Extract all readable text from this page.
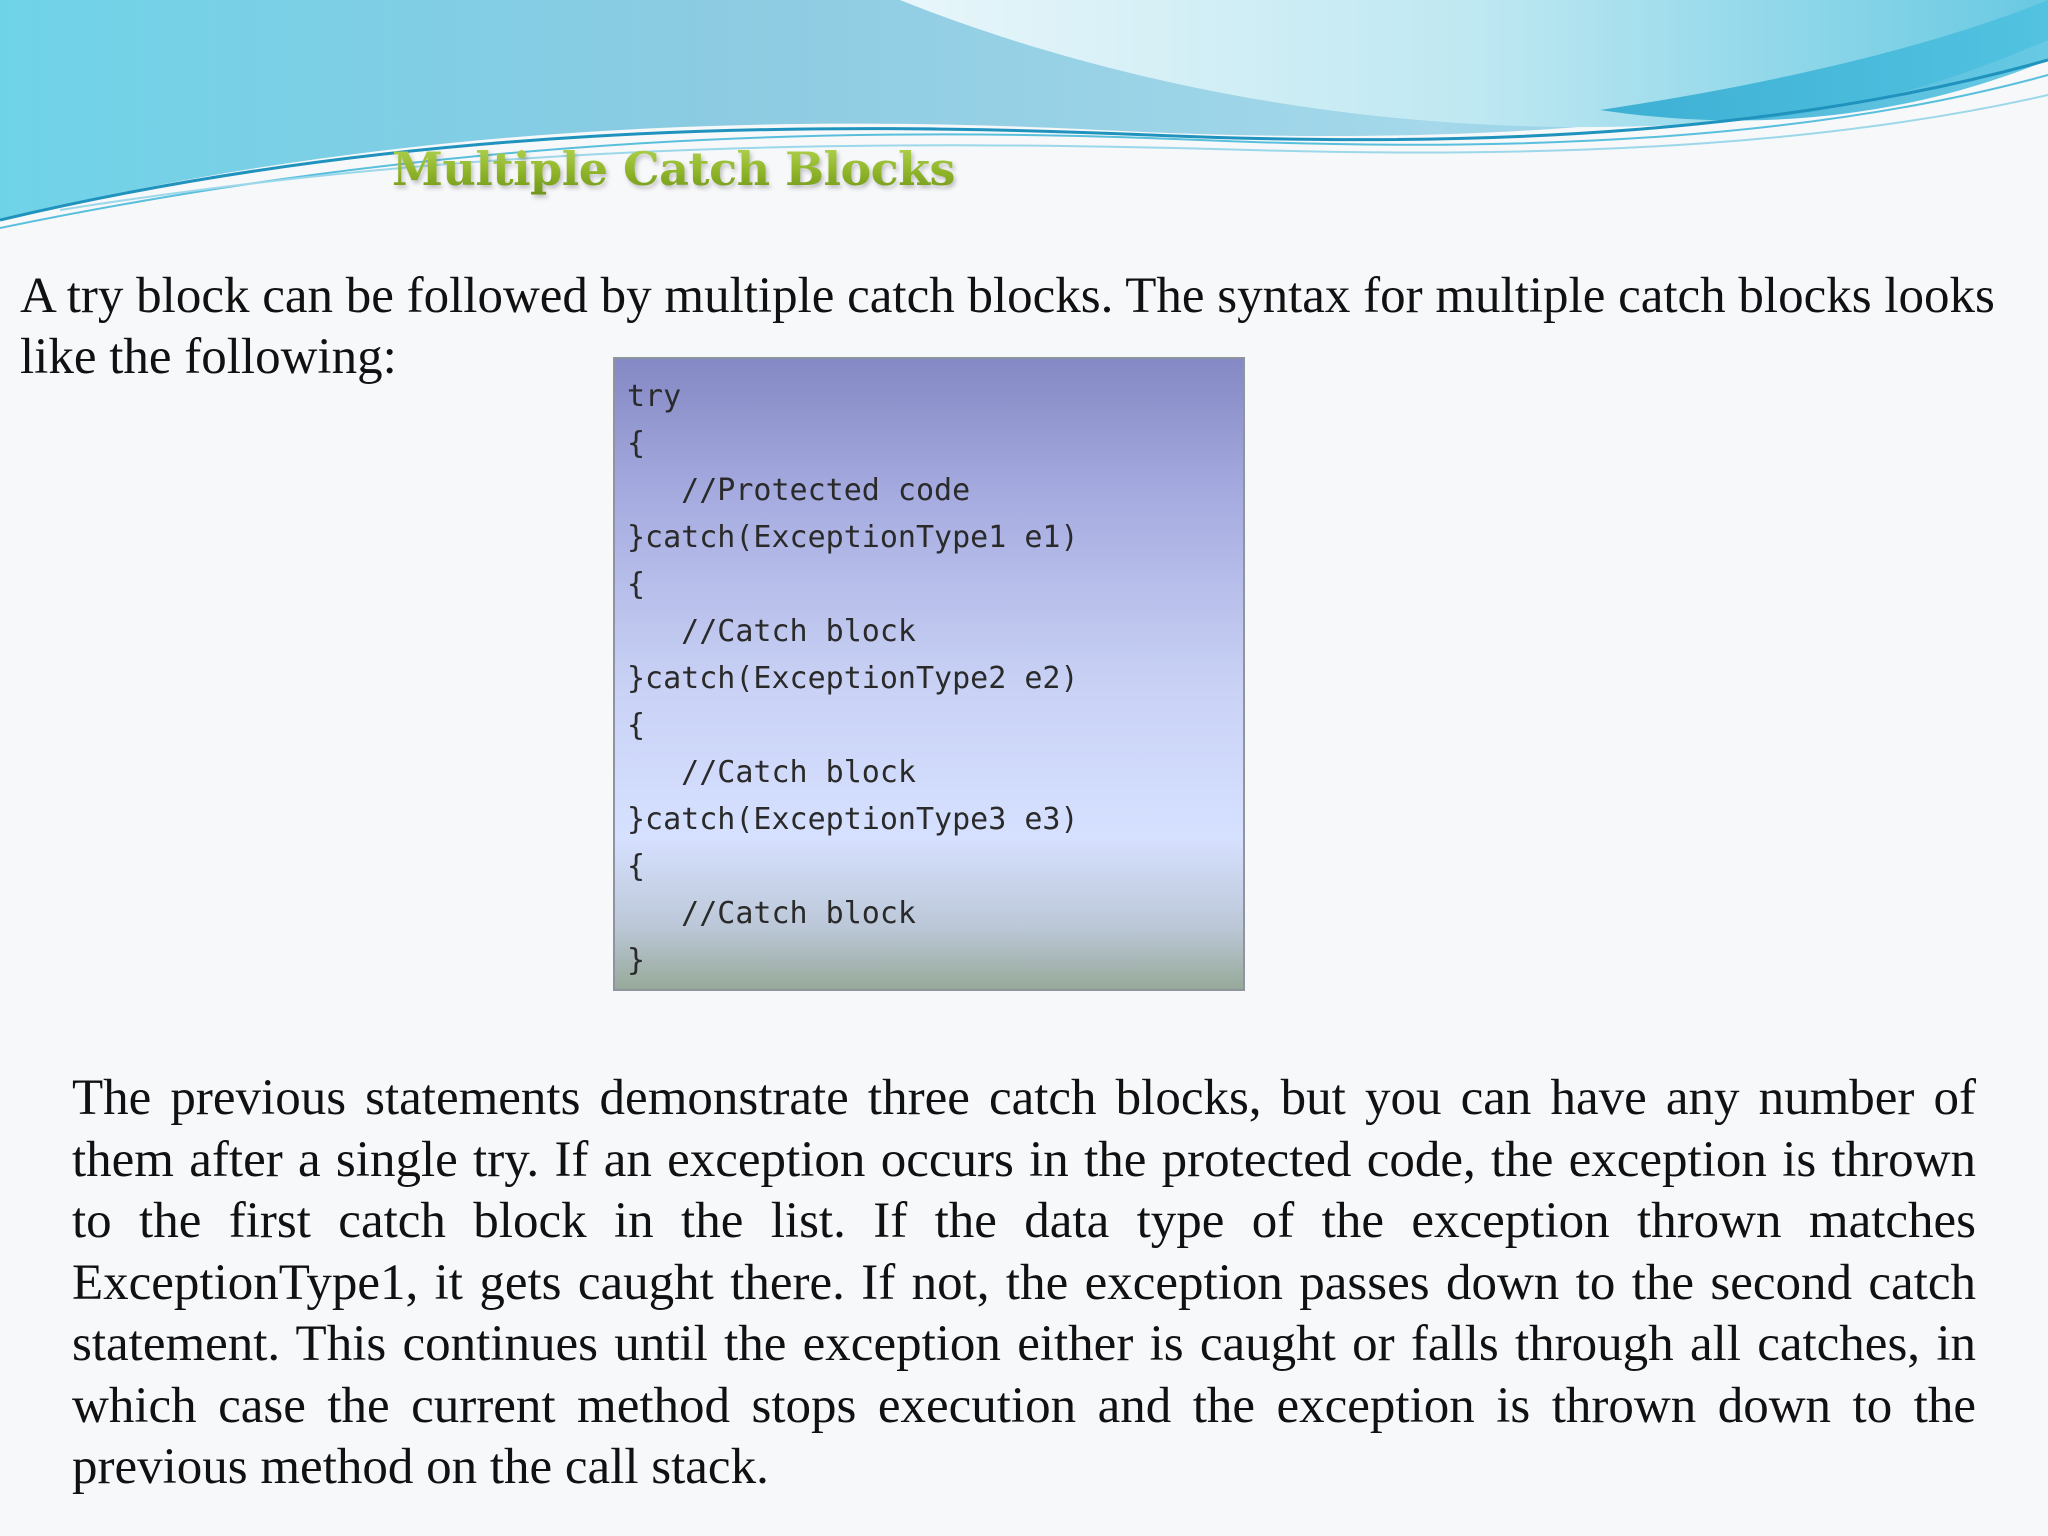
Multiple Catch Blocks

A try block can be followed by multiple catch blocks. The syntax for multiple catch blocks looks like the following:

try
{
//Protected code
}catch(ExceptionType1 e1)
{
//Catch block
}catch(ExceptionType2 e2)
{
//Catch block
}catch(ExceptionType3 e3)
{
//Catch block
}

The previous statements demonstrate three catch blocks, but you can have any number of them after a single try. If an exception occurs in the protected code, the exception is thrown to the first catch block in the list. If the data type of the exception thrown matches ExceptionType1, it gets caught there. If not, the exception passes down to the second catch statement. This continues until the exception either is caught or falls through all catches, in which case the current method stops execution and the exception is thrown down to the previous method on the call stack.
